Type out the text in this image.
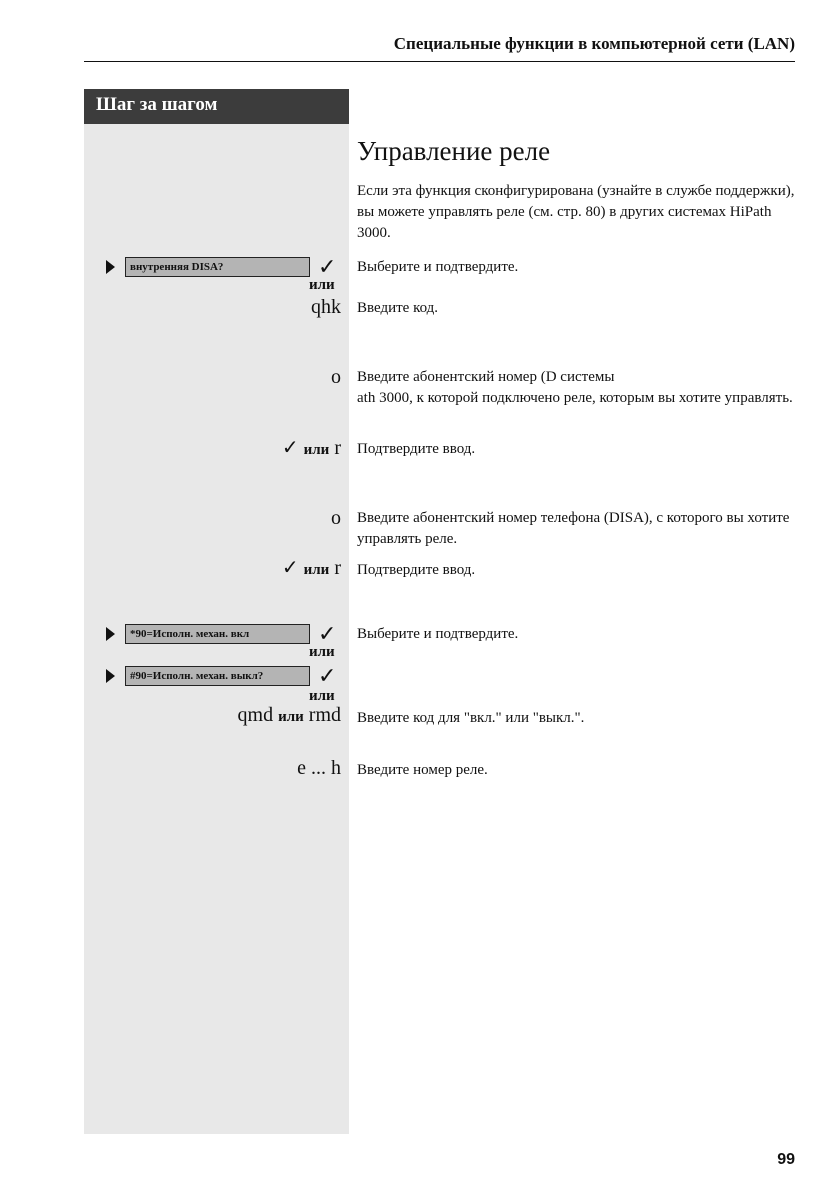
Специальные функции в компьютерной сети (LAN)
Шаг за шагом
Управление реле

Если эта функция сконфигурирована (узнайте в службе поддержки), вы можете управлять реле (см. стр. 80) в других системах HiPath 3000.

внутренняя DISA?	✓ Выберите и подтвердите.

или
qhk Введите код.

o Введите абонентский номер (D системы
ath 3000, к которой подключено реле, которым вы хотите управлять.

✓ или r Подтвердите ввод.

o Введите абонентский номер телефона (DISA), с которого вы хотите управлять реле.

✓ или r Подтвердите ввод.

*90=Исполн. механ. вкл	✓ Выберите и подтвердите.

или
#90=Исполн. механ. выкл?	✓
или
qmd или rmd Введите код для "вкл." или "выкл.".

e ... h Введите номер реле.

99
